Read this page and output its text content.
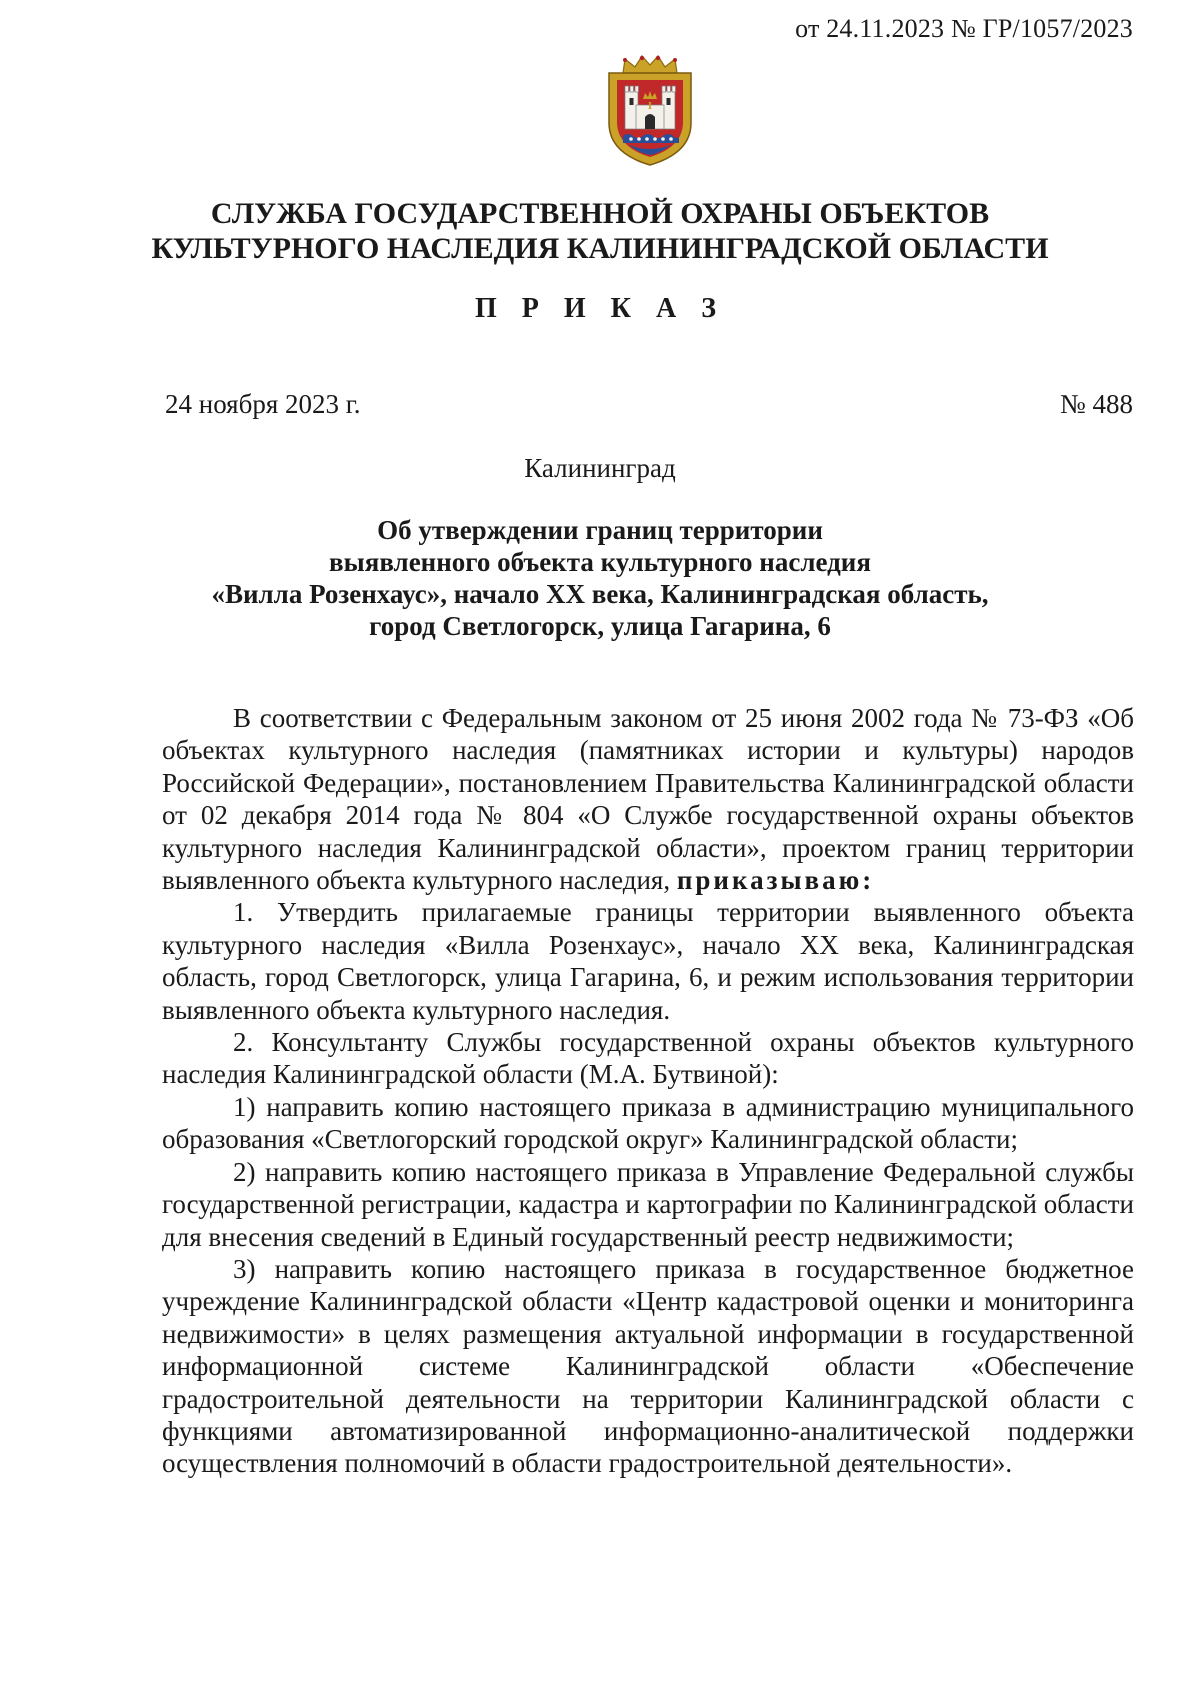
от 24.11.2023 № ГР/1057/2023
I
СЛУЖБА ГОСУДАРСТВЕННОЙ ОХРАНЫ ОБЪЕКТОВ
КУЛЬТУРНОГО НАСЛЕДИЯ КАЛИНИНГРАДСКОЙ ОБЛАСТИ
П Р И К А З
24 ноября 2023 г.	№ 488
Калининград
Об утверждении границ территории
выявленного объекта культурного наследия
«Вилла Розенхаус», начало XX века, Калининградская область,
город Светлогорск, улица Гагарина, 6

В соответствии с Федеральным законом от 25 июня 2002 года № 73-ФЗ «Об объектах культурного наследия (памятниках истории и культуры) народов Российской Федерации», постановлением Правительства Калининградской области от 02 декабря 2014 года № 804 «О Службе государственной охраны объектов культурного наследия Калининградской области», проектом границ территории выявленного объекта культурного наследия, приказываю:

1. Утвердить прилагаемые границы территории выявленного объекта культурного наследия «Вилла Розенхаус», начало XX века, Калининградская область, город Светлогорск, улица Гагарина, 6, и режим использования территории выявленного объекта культурного наследия.

2. Консультанту Службы государственной охраны объектов культурного наследия Калининградской области (М.А. Бутвиной):

1) направить копию настоящего приказа в администрацию муниципального образования «Светлогорский городской округ» Калининградской области;

2) направить копию настоящего приказа в Управление Федеральной службы государственной регистрации, кадастра и картографии по Калининградской области для внесения сведений в Единый государственный реестр недвижимости;

3) направить копию настоящего приказа в государственное бюджетное учреждение Калининградской области «Центр кадастровой оценки и мониторинга недвижимости» в целях размещения актуальной информации в государственной информационной системе Калининградской области «Обеспечение градостроительной деятельности на территории Калининградской области с функциями автоматизированной информационно-аналитической поддержки осуществления полномочий в области градостроительной деятельности».
